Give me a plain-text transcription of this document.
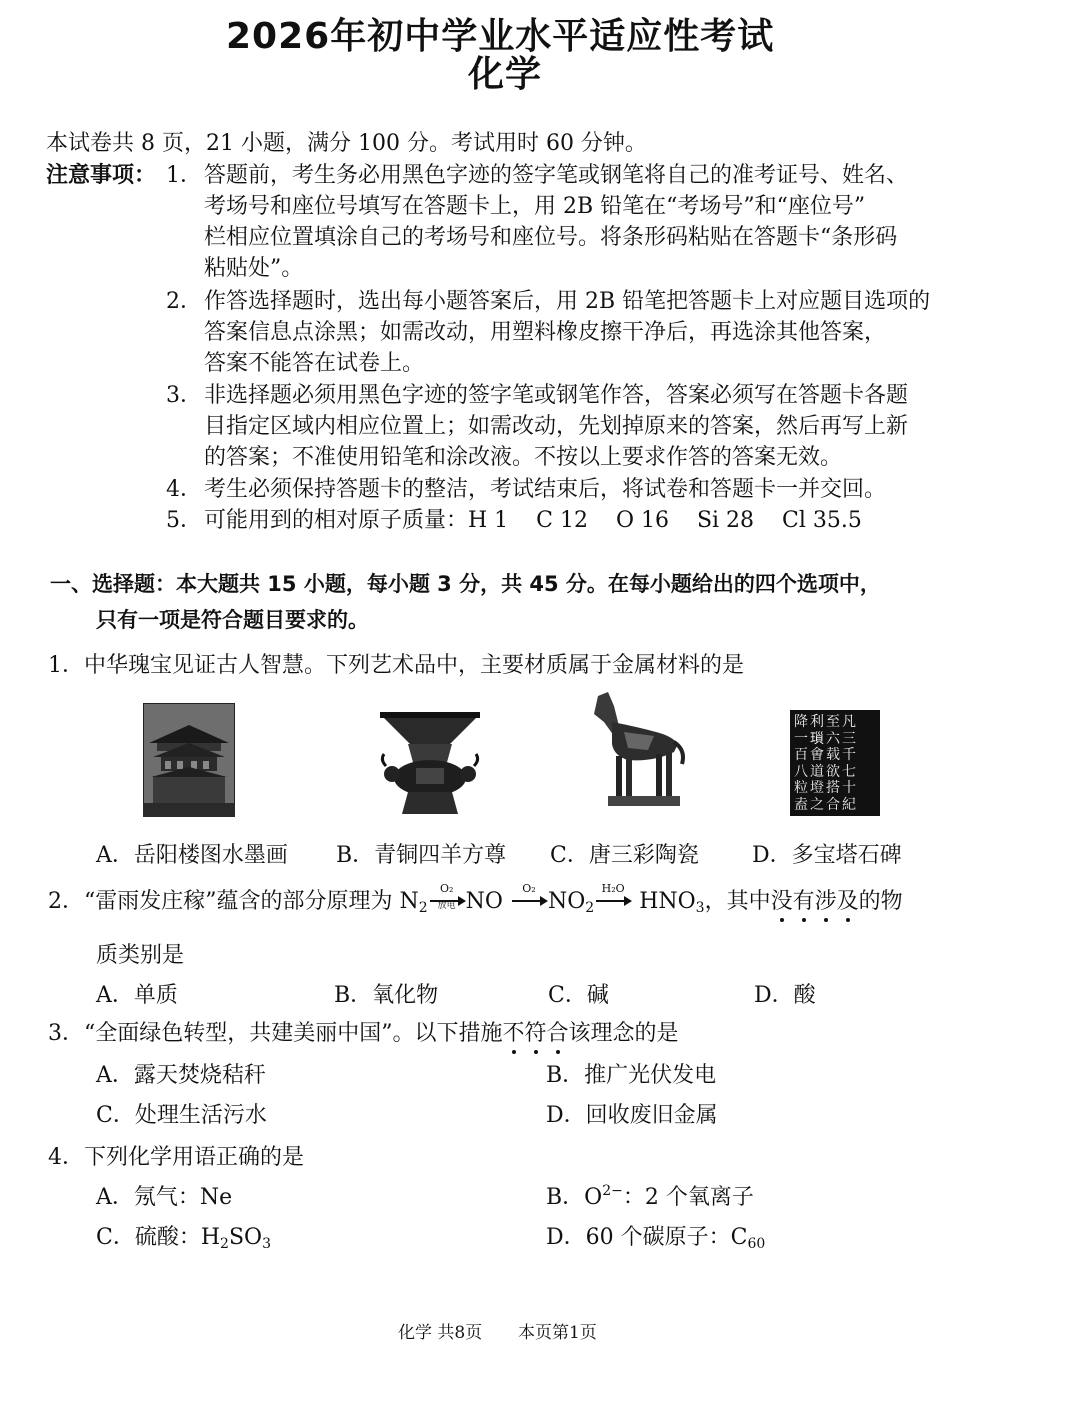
2026年初中学业水平适应性考试
化学
本试卷共 8 页，21 小题，满分 100 分。考试用时 60 分钟。
注意事项： 1． 答题前，考生务必用黑色字迹的签字笔或钢笔将自己的准考证号、姓名、
考场号和座位号填写在答题卡上，用 2B 铅笔在“考场号”和“座位号”
栏相应位置填涂自己的考场号和座位号。将条形码粘贴在答题卡“条形码
粘贴处”。
2． 作答选择题时，选出每小题答案后，用 2B 铅笔把答题卡上对应题目选项的
答案信息点涂黑；如需改动，用塑料橡皮擦干净后，再选涂其他答案，
答案不能答在试卷上。
3． 非选择题必须用黑色字迹的签字笔或钢笔作答，答案必须写在答题卡各题
目指定区域内相应位置上；如需改动，先划掉原来的答案，然后再写上新
的答案；不准使用铅笔和涂改液。不按以上要求作答的答案无效。
4． 考生必须保持答题卡的整洁，考试结束后，将试卷和答题卡一并交回。
5． 可能用到的相对原子质量：H 1    C 12    O 16    Si 28    Cl 35.5
一、选择题：本大题共 15 小题，每小题 3 分，共 45 分。在每小题给出的四个选项中，
只有一项是符合题目要求的。
1．中华瑰宝见证古人智慧。下列艺术品中，主要材质属于金属材料的是
降利至凡
一𤨏六三
百㑹载千
八道欲七
粒墱搭十
盍之合紀
A．岳阳楼图水墨画 B．青铜四羊方尊 C．唐三彩陶瓷 D．多宝塔石碑
2．“雷雨发庄稼”蕴含的部分原理为 $N_2$
O₂
放电 NO
O₂
$NO_2$
H₂O
$HNO_3$，其中没有涉及的物
质类别是
A．单质	B．氧化物	C．碱	D．酸
3．“全面绿色转型，共建美丽中国”。以下措施不符合该理念的是
A．露天焚烧秸秆	B．推广光伏发电
C．处理生活污水	D．回收废旧金属
4．下列化学用语正确的是
A．氖气：Ne	B．$O^{2-}$：2 个氧离子
C．硫酸：$H_2SO_3$	D．60 个碳原子：$C_{60}$
化学 共8页 本页第1页
